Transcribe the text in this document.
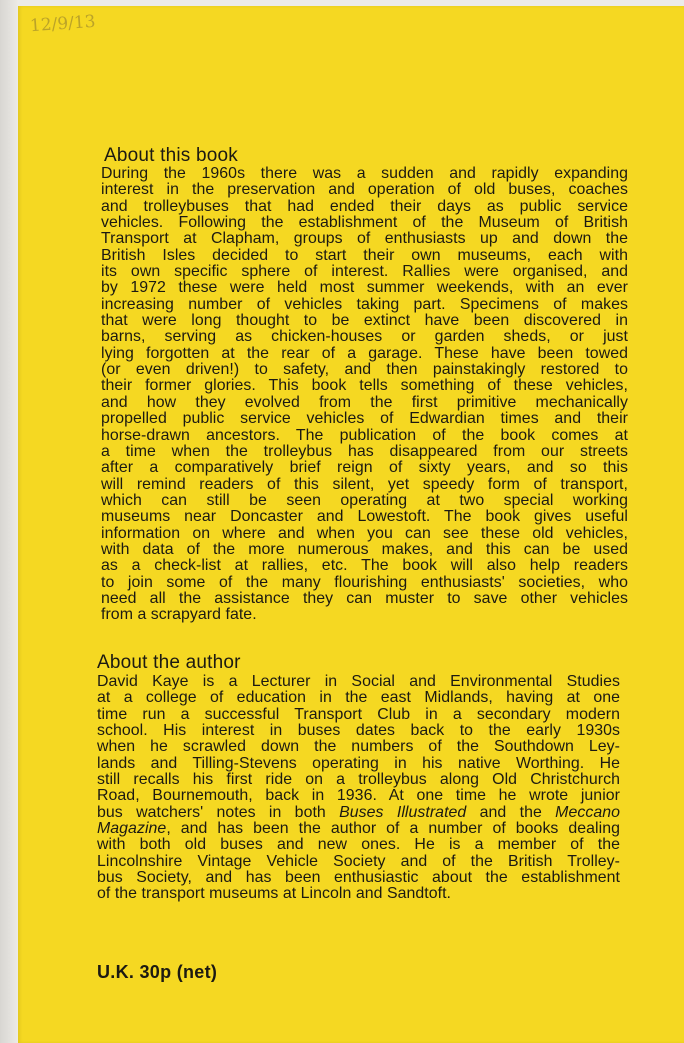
12/9/13
About this book
During the 1960s there was a sudden and rapidly expanding
interest in the preservation and operation of old buses, coaches
and trolleybuses that had ended their days as public service
vehicles. Following the establishment of the Museum of British
Transport at Clapham, groups of enthusiasts up and down the
British Isles decided to start their own museums, each with
its own specific sphere of interest. Rallies were organised, and
by 1972 these were held most summer weekends, with an ever
increasing number of vehicles taking part. Specimens of makes
that were long thought to be extinct have been discovered in
barns, serving as chicken-houses or garden sheds, or just
lying forgotten at the rear of a garage. These have been towed
(or even driven!) to safety, and then painstakingly restored to
their former glories. This book tells something of these vehicles,
and how they evolved from the first primitive mechanically
propelled public service vehicles of Edwardian times and their
horse-drawn ancestors. The publication of the book comes at
a time when the trolleybus has disappeared from our streets
after a comparatively brief reign of sixty years, and so this
will remind readers of this silent, yet speedy form of transport,
which can still be seen operating at two special working
museums near Doncaster and Lowestoft. The book gives useful
information on where and when you can see these old vehicles,
with data of the more numerous makes, and this can be used
as a check-list at rallies, etc. The book will also help readers
to join some of the many flourishing enthusiasts' societies, who
need all the assistance they can muster to save other vehicles
from a scrapyard fate.
About the author
David Kaye is a Lecturer in Social and Environmental Studies
at a college of education in the east Midlands, having at one
time run a successful Transport Club in a secondary modern
school. His interest in buses dates back to the early 1930s
when he scrawled down the numbers of the Southdown Ley-
lands and Tilling-Stevens operating in his native Worthing. He
still recalls his first ride on a trolleybus along Old Christchurch
Road, Bournemouth, back in 1936. At one time he wrote junior
bus watchers' notes in both Buses Illustrated and the Meccano
Magazine, and has been the author of a number of books dealing
with both old buses and new ones. He is a member of the
Lincolnshire Vintage Vehicle Society and of the British Trolley-
bus Society, and has been enthusiastic about the establishment
of the transport museums at Lincoln and Sandtoft.
U.K. 30p (net)
